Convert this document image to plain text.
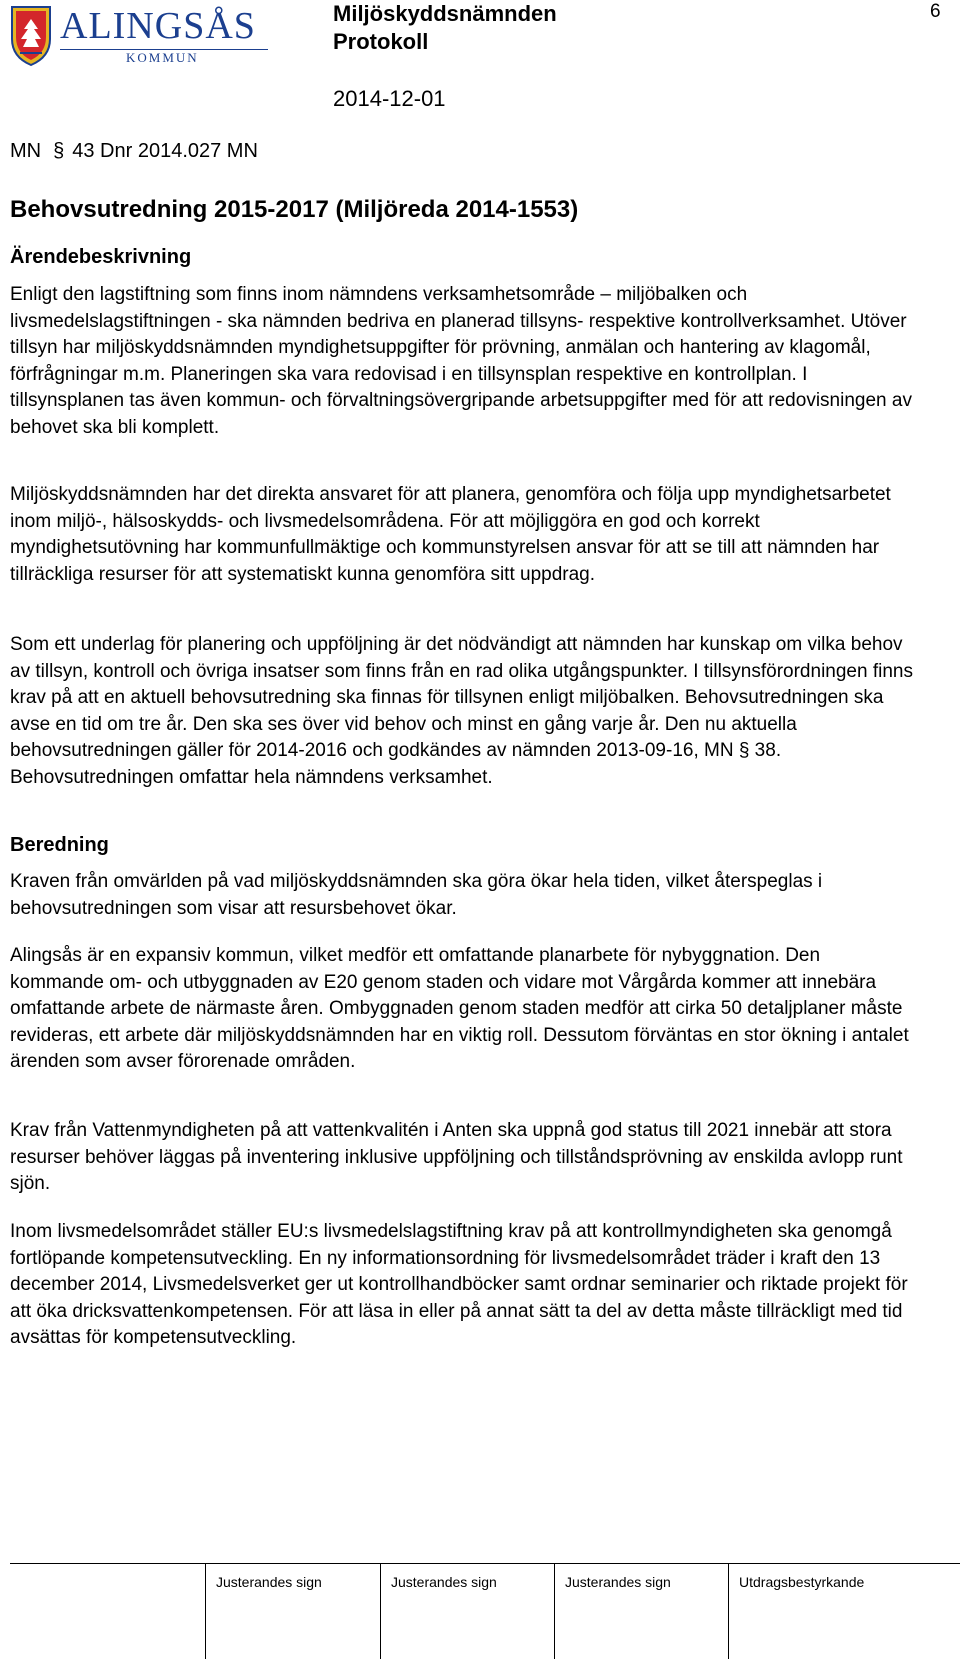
ALINGSÅS
KOMMUN
Miljöskyddsnämnden
Protokoll
2014-12-01
6
MN § 43 Dnr 2014.027 MN
Behovsutredning 2015-2017 (Miljöreda 2014-1553)
Ärendebeskrivning

Enligt den lagstiftning som finns inom nämndens verksamhetsområde – miljöbalken och livsmedelslagstiftningen - ska nämnden bedriva en planerad tillsyns- respektive kontrollverksamhet. Utöver tillsyn har miljöskyddsnämnden myndighetsuppgifter för prövning, anmälan och hantering av klagomål, förfrågningar m.m. Planeringen ska vara redovisad i en tillsynsplan respektive en kontrollplan. I tillsynsplanen tas även kommun- och förvaltningsövergripande arbetsuppgifter med för att redovisningen av behovet ska bli komplett.

Miljöskyddsnämnden har det direkta ansvaret för att planera, genomföra och följa upp myndighetsarbetet inom miljö-, hälsoskydds- och livsmedelsområdena. För att möjliggöra en god och korrekt myndighetsutövning har kommunfullmäktige och kommunstyrelsen ansvar för att se till att nämnden har tillräckliga resurser för att systematiskt kunna genomföra sitt uppdrag.

Som ett underlag för planering och uppföljning är det nödvändigt att nämnden har kunskap om vilka behov av tillsyn, kontroll och övriga insatser som finns från en rad olika utgångspunkter. I tillsynsförordningen finns krav på att en aktuell behovsutredning ska finnas för tillsynen enligt miljöbalken. Behovsutredningen ska avse en tid om tre år. Den ska ses över vid behov och minst en gång varje år. Den nu aktuella behovsutredningen gäller för 2014-2016 och godkändes av nämnden 2013-09-16, MN § 38. Behovsutredningen omfattar hela nämndens verksamhet.

Beredning

Kraven från omvärlden på vad miljöskyddsnämnden ska göra ökar hela tiden, vilket återspeglas i behovsutredningen som visar att resursbehovet ökar.

Alingsås är en expansiv kommun, vilket medför ett omfattande planarbete för nybyggnation. Den kommande om- och utbyggnaden av E20 genom staden och vidare mot Vårgårda kommer att innebära omfattande arbete de närmaste åren. Ombyggnaden genom staden medför att cirka 50 detaljplaner måste revideras, ett arbete där miljöskyddsnämnden har en viktig roll. Dessutom förväntas en stor ökning i antalet ärenden som avser förorenade områden.

Krav från Vattenmyndigheten på att vattenkvalitén i Anten ska uppnå god status till 2021 innebär att stora resurser behöver läggas på inventering inklusive uppföljning och tillståndsprövning av enskilda avlopp runt sjön.

Inom livsmedelsområdet ställer EU:s livsmedelslagstiftning krav på att kontrollmyndigheten ska genomgå fortlöpande kompetensutveckling. En ny informationsordning för livsmedelsområdet träder i kraft den 13 december 2014, Livsmedelsverket ger ut kontrollhandböcker samt ordnar seminarier och riktade projekt för att öka dricksvattenkompetensen. För att läsa in eller på annat sätt ta del av detta måste tillräckligt med tid avsättas för kompetensutveckling.

Justerandes sign	Justerandes sign	Justerandes sign	Utdragsbestyrkande
